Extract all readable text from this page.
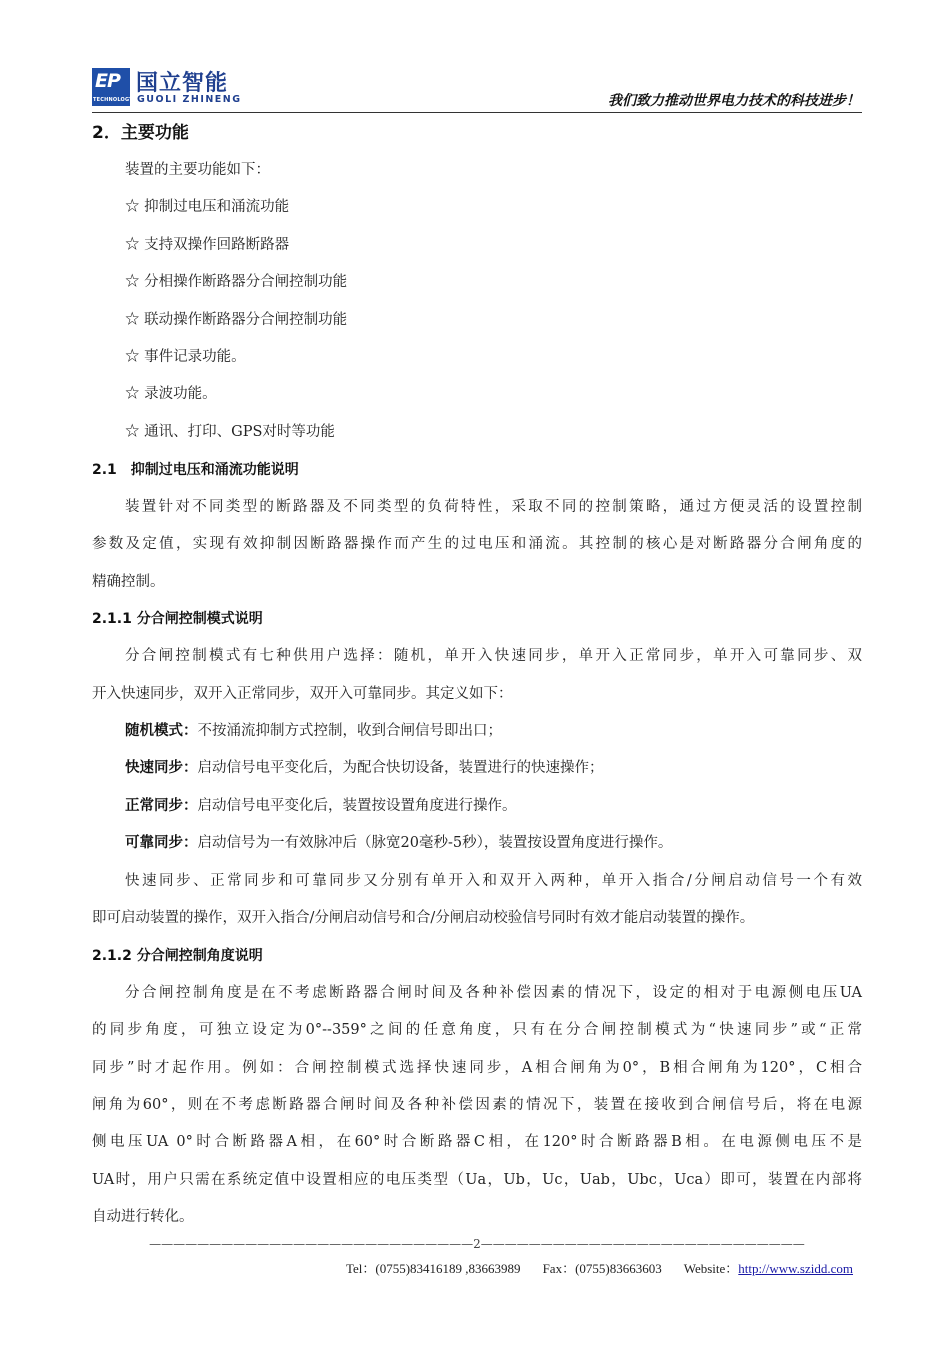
EP
TECHNOLOGY
国立智能
GUOLI ZHINENG	我们致力推动世界电力技术的科技进步！
2．主要功能
装置的主要功能如下：
☆ 抑制过电压和涌流功能
☆ 支持双操作回路断路器
☆ 分相操作断路器分合闸控制功能
☆ 联动操作断路器分合闸控制功能
☆ 事件记录功能。
☆ 录波功能。
☆ 通讯、打印、GPS对时等功能
2.1　抑制过电压和涌流功能说明
装置针对不同类型的断路器及不同类型的负荷特性，采取不同的控制策略，通过方便灵活的设置控制
参数及定值，实现有效抑制因断路器操作而产生的过电压和涌流。其控制的核心是对断路器分合闸角度的
精确控制。
2.1.1 分合闸控制模式说明
分合闸控制模式有七种供用户选择：随机，单开入快速同步，单开入正常同步，单开入可靠同步、双
开入快速同步，双开入正常同步，双开入可靠同步。其定义如下：
随机模式：不按涌流抑制方式控制，收到合闸信号即出口；
快速同步：启动信号电平变化后，为配合快切设备，装置进行的快速操作；
正常同步：启动信号电平变化后，装置按设置角度进行操作。
可靠同步：启动信号为一有效脉冲后（脉宽20毫秒-5秒），装置按设置角度进行操作。
快速同步、正常同步和可靠同步又分别有单开入和双开入两种，单开入指合/分闸启动信号一个有效
即可启动装置的操作，双开入指合/分闸启动信号和合/分闸启动校验信号同时有效才能启动装置的操作。
2.1.2 分合闸控制角度说明
分合闸控制角度是在不考虑断路器合闸时间及各种补偿因素的情况下，设定的相对于电源侧电压UA
的同步角度，可独立设定为0°--359°之间的任意角度，只有在分合闸控制模式为“快速同步”或“正常
同步”时才起作用。例如：合闸控制模式选择快速同步，A相合闸角为0°，B相合闸角为120°，C相合
闸角为60°，则在不考虑断路器合闸时间及各种补偿因素的情况下，装置在接收到合闸信号后，将在电源
侧电压UA 0°时合断路器A相，在60°时合断路器C相，在120°时合断路器B相。在电源侧电压不是
UA时，用户只需在系统定值中设置相应的电压类型（Ua，Ub，Uc，Uab，Ubc，Uca）即可，装置在内部将
自动进行转化。
———————————————————————————2———————————————————————————
Tel：(0755)83416189 ,83663989 Fax：(0755)83663603 Website：http://www.szidd.com
